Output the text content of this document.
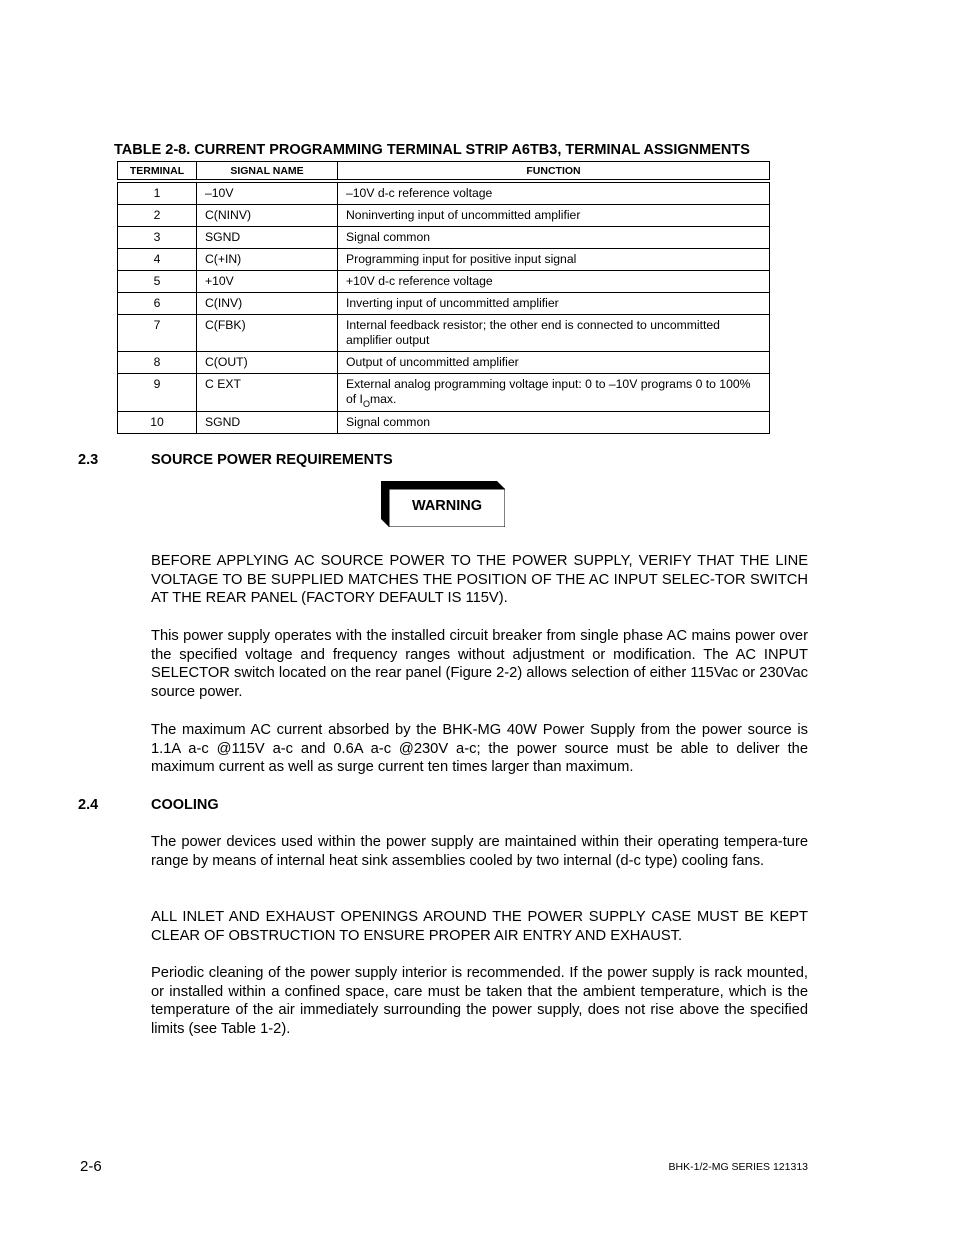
TABLE 2-8. CURRENT PROGRAMMING TERMINAL STRIP A6TB3, TERMINAL ASSIGNMENTS
TERMINAL	SIGNAL NAME	FUNCTION
1	–10V	–10V d-c reference voltage
2	C(NINV)	Noninverting input of uncommitted amplifier
3	SGND	Signal common
4	C(+IN)	Programming input for positive input signal
5	+10V	+10V d-c reference voltage
6	C(INV)	Inverting input of uncommitted amplifier
7	C(FBK)	Internal feedback resistor; the other end is connected to uncommitted amplifier output
8	C(OUT)	Output of uncommitted amplifier
9	C EXT	External analog programming voltage input: 0 to –10V programs 0 to 100% of $I_O\max$.
10	SGND	Signal common
2.3	SOURCE POWER REQUIREMENTS
WARNING

BEFORE APPLYING AC SOURCE POWER TO THE POWER SUPPLY, VERIFY THAT THE LINE VOLTAGE TO BE SUPPLIED MATCHES THE POSITION OF THE AC INPUT SELEC-TOR SWITCH AT THE REAR PANEL (FACTORY DEFAULT IS 115V).

This power supply operates with the installed circuit breaker from single phase AC mains power over the specified voltage and frequency ranges without adjustment or modification. The AC INPUT SELECTOR switch located on the rear panel (Figure 2-2) allows selection of either 115Vac or 230Vac source power.

The maximum AC current absorbed by the BHK-MG 40W Power Supply from the power source is 1.1A a-c @115V a-c and 0.6A a-c @230V a-c; the power source must be able to deliver the maximum current as well as surge current ten times larger than maximum.

2.4	COOLING

The power devices used within the power supply are maintained within their operating tempera-ture range by means of internal heat sink assemblies cooled by two internal (d-c type) cooling fans.

ALL INLET AND EXHAUST OPENINGS AROUND THE POWER SUPPLY CASE MUST BE KEPT CLEAR OF OBSTRUCTION TO ENSURE PROPER AIR ENTRY AND EXHAUST.

Periodic cleaning of the power supply interior is recommended. If the power supply is rack mounted, or installed within a confined space, care must be taken that the ambient temperature, which is the temperature of the air immediately surrounding the power supply, does not rise above the specified limits (see Table 1-2).

2-6	BHK-1/2-MG SERIES 121313
